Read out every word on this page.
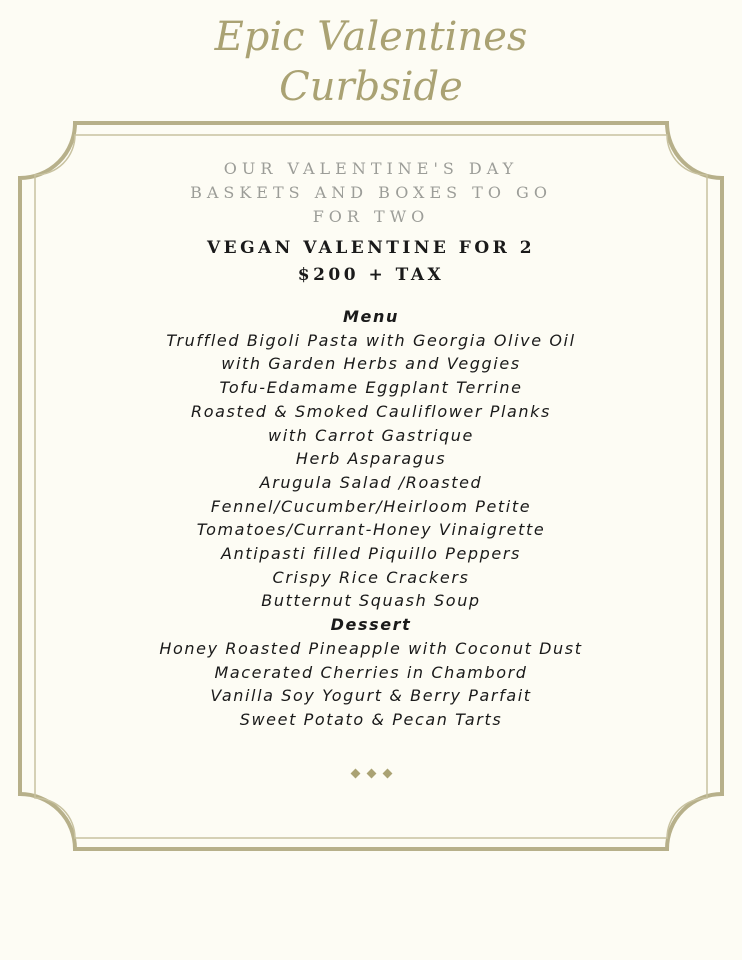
Epic Valentines
Curbside
OUR VALENTINE'S DAY
BASKETS AND BOXES TO GO
FOR TWO
VEGAN VALENTINE FOR 2
$200 + TAX
Menu
Truffled Bigoli Pasta with Georgia Olive Oil
with Garden Herbs and Veggies
Tofu-Edamame Eggplant Terrine
Roasted & Smoked Cauliflower Planks
with Carrot Gastrique
Herb Asparagus
Arugula Salad /Roasted
Fennel/Cucumber/Heirloom Petite
Tomatoes/Currant-Honey Vinaigrette
Antipasti filled Piquillo Peppers
Crispy Rice Crackers
Butternut Squash Soup
Dessert
Honey Roasted Pineapple with Coconut Dust
Macerated Cherries in Chambord
Vanilla Soy Yogurt & Berry Parfait
Sweet Potato & Pecan Tarts
